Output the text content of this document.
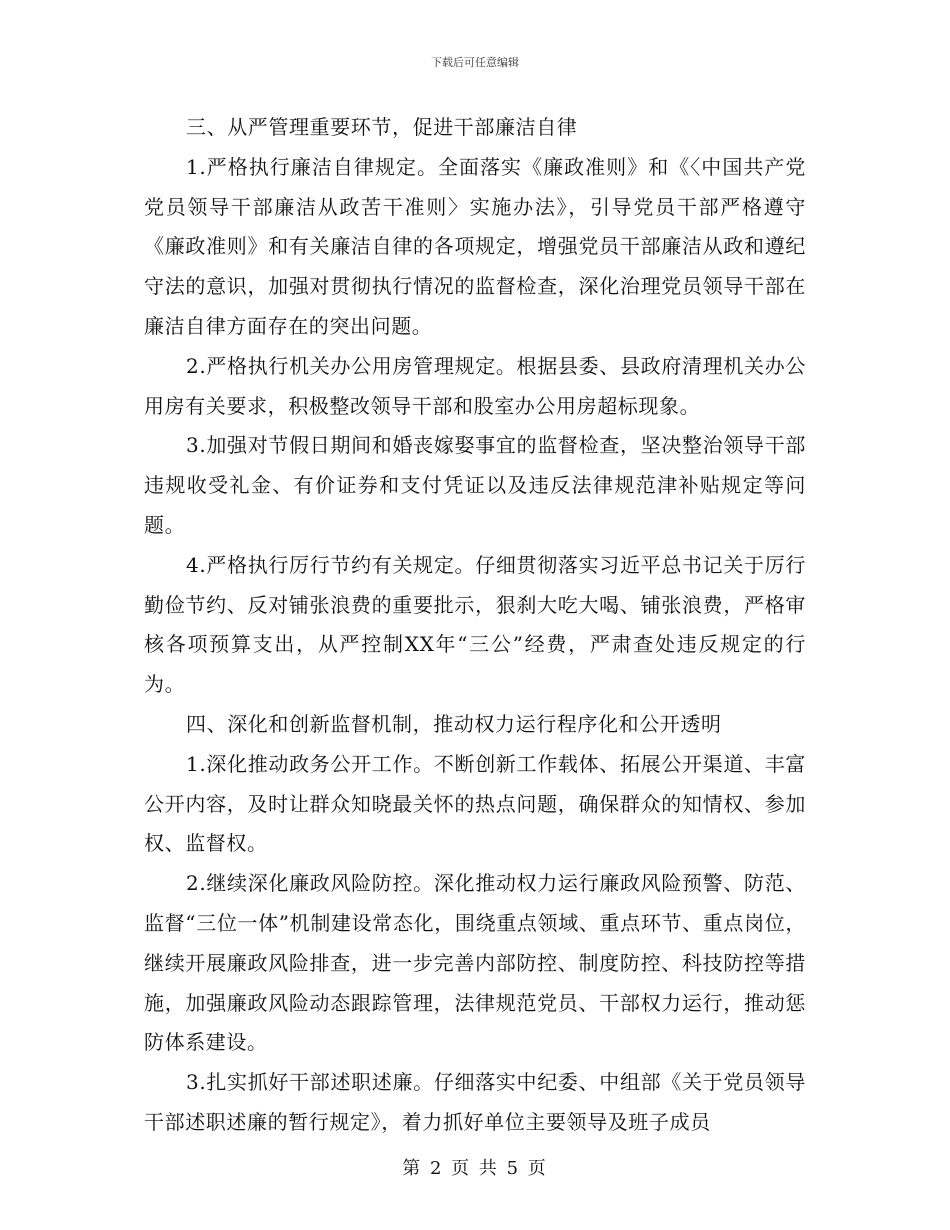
下载后可任意编辑

三、从严管理重要环节，促进干部廉洁自律

1.严格执行廉洁自律规定。全面落实《廉政准则》和《〈中国共产党党员领导干部廉洁从政苦干准则〉实施办法》，引导党员干部严格遵守《廉政准则》和有关廉洁自律的各项规定，增强党员干部廉洁从政和遵纪守法的意识，加强对贯彻执行情况的监督检查，深化治理党员领导干部在廉洁自律方面存在的突出问题。

2.严格执行机关办公用房管理规定。根据县委、县政府清理机关办公用房有关要求，积极整改领导干部和股室办公用房超标现象。

3.加强对节假日期间和婚丧嫁娶事宜的监督检查，坚决整治领导干部违规收受礼金、有价证券和支付凭证以及违反法律规范津补贴规定等问题。

4.严格执行厉行节约有关规定。仔细贯彻落实习近平总书记关于厉行勤俭节约、反对铺张浪费的重要批示，狠刹大吃大喝、铺张浪费，严格审核各项预算支出，从严控制XX年“三公”经费，严肃查处违反规定的行为。

四、深化和创新监督机制，推动权力运行程序化和公开透明

1.深化推动政务公开工作。不断创新工作载体、拓展公开渠道、丰富公开内容，及时让群众知晓最关怀的热点问题，确保群众的知情权、参加权、监督权。

2.继续深化廉政风险防控。深化推动权力运行廉政风险预警、防范、监督“三位一体”机制建设常态化，围绕重点领域、重点环节、重点岗位，继续开展廉政风险排查，进一步完善内部防控、制度防控、科技防控等措施，加强廉政风险动态跟踪管理，法律规范党员、干部权力运行，推动惩防体系建设。

3.扎实抓好干部述职述廉。仔细落实中纪委、中组部《关于党员领导干部述职述廉的暂行规定》，着力抓好单位主要领导及班子成员

第 2 页 共 5 页
